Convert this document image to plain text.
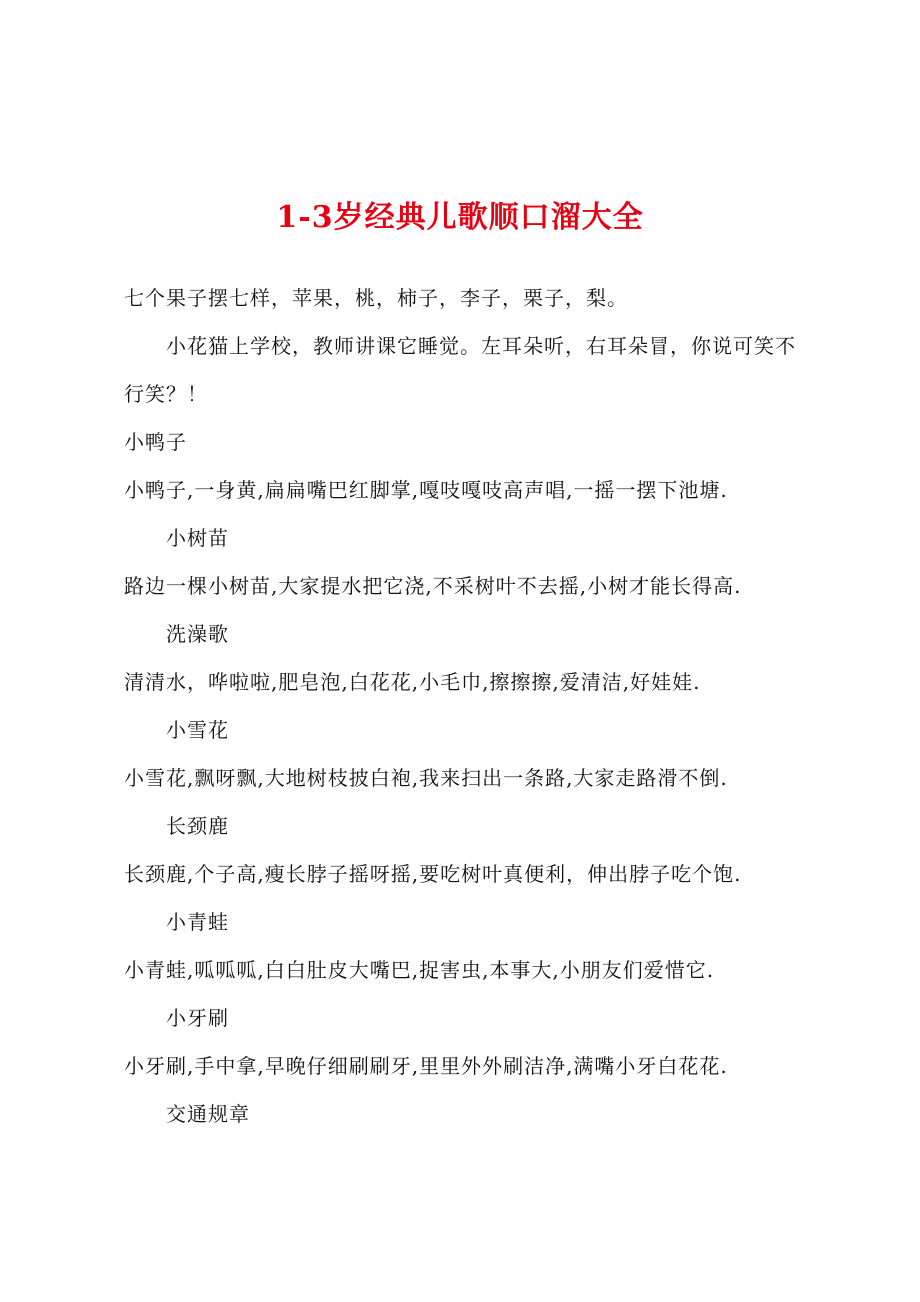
1-3岁经典儿歌顺口溜大全
七个果子摆七样，苹果，桃，柿子，李子，栗子，梨。
小花猫上学校，教师讲课它睡觉。左耳朵听，右耳朵冒，你说可笑不
行笑？！
小鸭子
小鸭子,一身黄,扁扁嘴巴红脚掌,嘎吱嘎吱高声唱,一摇一摆下池塘.
小树苗
路边一棵小树苗,大家提水把它浇,不采树叶不去摇,小树才能长得高.
洗澡歌
清清水，哗啦啦,肥皂泡,白花花,小毛巾,擦擦擦,爱清洁,好娃娃.
小雪花
小雪花,飘呀飘,大地树枝披白袍,我来扫出一条路,大家走路滑不倒.
长颈鹿
长颈鹿,个子高,瘦长脖子摇呀摇,要吃树叶真便利，伸出脖子吃个饱.
小青蛙
小青蛙,呱呱呱,白白肚皮大嘴巴,捉害虫,本事大,小朋友们爱惜它.
小牙刷
小牙刷,手中拿,早晚仔细刷刷牙,里里外外刷洁净,满嘴小牙白花花.
交通规章
